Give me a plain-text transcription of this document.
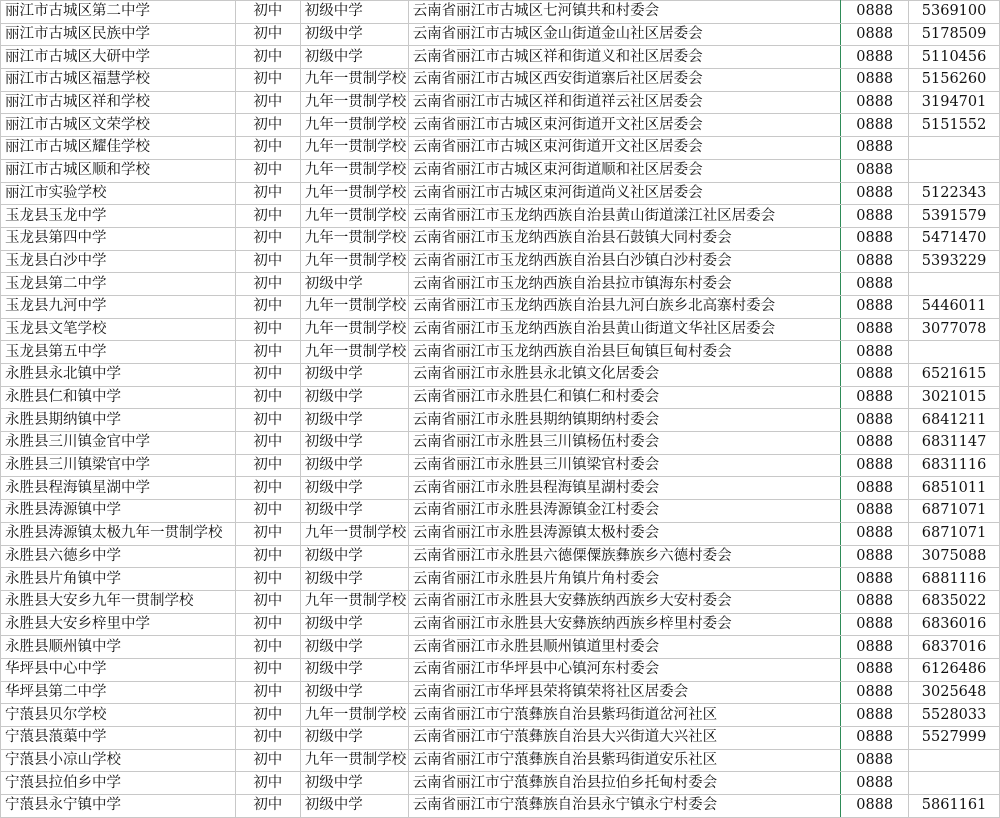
丽江市古城区第二中学	初中	初级中学	云南省丽江市古城区七河镇共和村委会	0888	5369100
丽江市古城区民族中学	初中	初级中学	云南省丽江市古城区金山街道金山社区居委会	0888	5178509
丽江市古城区大研中学	初中	初级中学	云南省丽江市古城区祥和街道义和社区居委会	0888	5110456
丽江市古城区福慧学校	初中	九年一贯制学校	云南省丽江市古城区西安街道寨后社区居委会	0888	5156260
丽江市古城区祥和学校	初中	九年一贯制学校	云南省丽江市古城区祥和街道祥云社区居委会	0888	3194701
丽江市古城区文荣学校	初中	九年一贯制学校	云南省丽江市古城区束河街道开文社区居委会	0888	5151552
丽江市古城区耀佳学校	初中	九年一贯制学校	云南省丽江市古城区束河街道开文社区居委会	0888	
丽江市古城区顺和学校	初中	九年一贯制学校	云南省丽江市古城区束河街道顺和社区居委会	0888	
丽江市实验学校	初中	九年一贯制学校	云南省丽江市古城区束河街道尚义社区居委会	0888	5122343
玉龙县玉龙中学	初中	九年一贯制学校	云南省丽江市玉龙纳西族自治县黄山街道漾江社区居委会	0888	5391579
玉龙县第四中学	初中	九年一贯制学校	云南省丽江市玉龙纳西族自治县石鼓镇大同村委会	0888	5471470
玉龙县白沙中学	初中	九年一贯制学校	云南省丽江市玉龙纳西族自治县白沙镇白沙村委会	0888	5393229
玉龙县第二中学	初中	初级中学	云南省丽江市玉龙纳西族自治县拉市镇海东村委会	0888	
玉龙县九河中学	初中	九年一贯制学校	云南省丽江市玉龙纳西族自治县九河白族乡北高寨村委会	0888	5446011
玉龙县文笔学校	初中	九年一贯制学校	云南省丽江市玉龙纳西族自治县黄山街道文华社区居委会	0888	3077078
玉龙县第五中学	初中	九年一贯制学校	云南省丽江市玉龙纳西族自治县巨甸镇巨甸村委会	0888	
永胜县永北镇中学	初中	初级中学	云南省丽江市永胜县永北镇文化居委会	0888	6521615
永胜县仁和镇中学	初中	初级中学	云南省丽江市永胜县仁和镇仁和村委会	0888	3021015
永胜县期纳镇中学	初中	初级中学	云南省丽江市永胜县期纳镇期纳村委会	0888	6841211
永胜县三川镇金官中学	初中	初级中学	云南省丽江市永胜县三川镇杨伍村委会	0888	6831147
永胜县三川镇梁官中学	初中	初级中学	云南省丽江市永胜县三川镇梁官村委会	0888	6831116
永胜县程海镇星湖中学	初中	初级中学	云南省丽江市永胜县程海镇星湖村委会	0888	6851011
永胜县涛源镇中学	初中	初级中学	云南省丽江市永胜县涛源镇金江村委会	0888	6871071
永胜县涛源镇太极九年一贯制学校	初中	九年一贯制学校	云南省丽江市永胜县涛源镇太极村委会	0888	6871071
永胜县六德乡中学	初中	初级中学	云南省丽江市永胜县六德傈僳族彝族乡六德村委会	0888	3075088
永胜县片角镇中学	初中	初级中学	云南省丽江市永胜县片角镇片角村委会	0888	6881116
永胜县大安乡九年一贯制学校	初中	九年一贯制学校	云南省丽江市永胜县大安彝族纳西族乡大安村委会	0888	6835022
永胜县大安乡梓里中学	初中	初级中学	云南省丽江市永胜县大安彝族纳西族乡梓里村委会	0888	6836016
永胜县顺州镇中学	初中	初级中学	云南省丽江市永胜县顺州镇道里村委会	0888	6837016
华坪县中心中学	初中	初级中学	云南省丽江市华坪县中心镇河东村委会	0888	6126486
华坪县第二中学	初中	初级中学	云南省丽江市华坪县荣将镇荣将社区居委会	0888	3025648
宁蒗县贝尔学校	初中	九年一贯制学校	云南省丽江市宁蒗彝族自治县紫玛街道岔河社区	0888	5528033
宁蒗县蒗蕖中学	初中	初级中学	云南省丽江市宁蒗彝族自治县大兴街道大兴社区	0888	5527999
宁蒗县小凉山学校	初中	九年一贯制学校	云南省丽江市宁蒗彝族自治县紫玛街道安乐社区	0888	
宁蒗县拉伯乡中学	初中	初级中学	云南省丽江市宁蒗彝族自治县拉伯乡托甸村委会	0888	
宁蒗县永宁镇中学	初中	初级中学	云南省丽江市宁蒗彝族自治县永宁镇永宁村委会	0888	5861161
